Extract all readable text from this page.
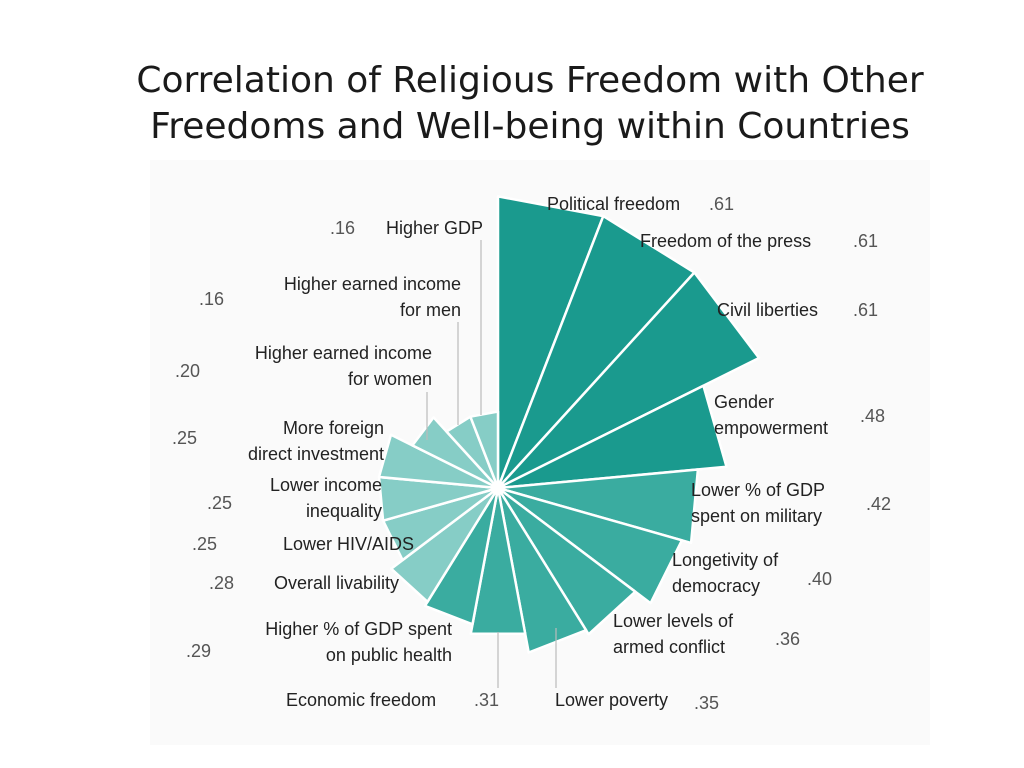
Correlation of Religious Freedom with Other
Freedoms and Well-being within Countries
Political freedom .61
Freedom of the press .61
Civil liberties .61
Gender
empowerment
.48
Lower % of GDP
spent on military
.42
Longetivity of
democracy	.40
Lower levels of
armed conflict	.36
Lower poverty .35
Economic freedom .31
Higher % of GDP spent
on public health
.29
Overall livability
.28
Lower HIV/AIDS
.25
Lower income
inequality
.25
More foreign
direct investment
.25
Higher earned income
for women
.20
Higher earned income
for men
.16
Higher GDP
.16
